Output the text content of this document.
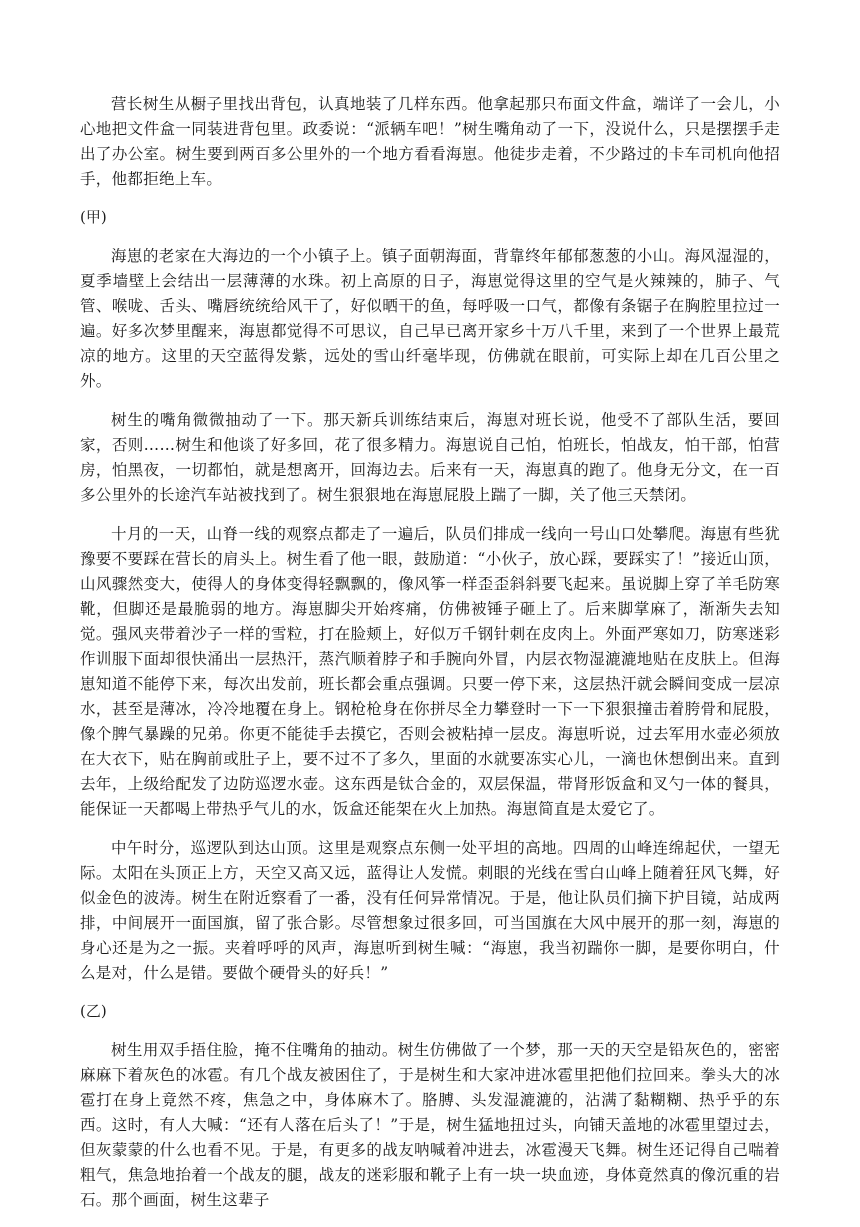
营长树生从橱子里找出背包，认真地装了几样东西。他拿起那只布面文件盒，端详了一会儿，小心地把文件盒一同装进背包里。政委说：“派辆车吧！”树生嘴角动了一下，没说什么，只是摆摆手走出了办公室。树生要到两百多公里外的一个地方看看海崽。他徒步走着，不少路过的卡车司机向他招手，他都拒绝上车。

(甲)

海崽的老家在大海边的一个小镇子上。镇子面朝海面，背靠终年郁郁葱葱的小山。海风湿湿的，夏季墙壁上会结出一层薄薄的水珠。初上高原的日子，海崽觉得这里的空气是火辣辣的，肺子、气管、喉咙、舌头、嘴唇统统给风干了，好似晒干的鱼，每呼吸一口气，都像有条锯子在胸腔里拉过一遍。好多次梦里醒来，海崽都觉得不可思议，自己早已离开家乡十万八千里，来到了一个世界上最荒凉的地方。这里的天空蓝得发紫，远处的雪山纤毫毕现，仿佛就在眼前，可实际上却在几百公里之外。

树生的嘴角微微抽动了一下。那天新兵训练结束后，海崽对班长说，他受不了部队生活，要回家，否则……树生和他谈了好多回，花了很多精力。海崽说自己怕，怕班长，怕战友，怕干部，怕营房，怕黑夜，一切都怕，就是想离开，回海边去。后来有一天，海崽真的跑了。他身无分文，在一百多公里外的长途汽车站被找到了。树生狠狠地在海崽屁股上踹了一脚，关了他三天禁闭。

十月的一天，山脊一线的观察点都走了一遍后，队员们排成一线向一号山口处攀爬。海崽有些犹豫要不要踩在营长的肩头上。树生看了他一眼，鼓励道：“小伙子，放心踩，要踩实了！”接近山顶，山风骤然变大，使得人的身体变得轻飘飘的，像风筝一样歪歪斜斜要飞起来。虽说脚上穿了羊毛防寒靴，但脚还是最脆弱的地方。海崽脚尖开始疼痛，仿佛被锤子砸上了。后来脚掌麻了，渐渐失去知觉。强风夹带着沙子一样的雪粒，打在脸颊上，好似万千钢针刺在皮肉上。外面严寒如刀，防寒迷彩作训服下面却很快涌出一层热汗，蒸汽顺着脖子和手腕向外冒，内层衣物湿漉漉地贴在皮肤上。但海崽知道不能停下来，每次出发前，班长都会重点强调。只要一停下来，这层热汗就会瞬间变成一层凉水，甚至是薄冰，冷冷地覆在身上。钢枪枪身在你拼尽全力攀登时一下一下狠狠撞击着胯骨和屁股，像个脾气暴躁的兄弟。你更不能徒手去摸它，否则会被粘掉一层皮。海崽听说，过去军用水壶必须放在大衣下，贴在胸前或肚子上，要不过不了多久，里面的水就要冻实心儿，一滴也休想倒出来。直到去年，上级给配发了边防巡逻水壶。这东西是钛合金的，双层保温，带肾形饭盒和叉勺一体的餐具，能保证一天都喝上带热乎气儿的水，饭盒还能架在火上加热。海崽简直是太爱它了。

中午时分，巡逻队到达山顶。这里是观察点东侧一处平坦的高地。四周的山峰连绵起伏，一望无际。太阳在头顶正上方，天空又高又远，蓝得让人发慌。刺眼的光线在雪白山峰上随着狂风飞舞，好似金色的波涛。树生在附近察看了一番，没有任何异常情况。于是，他让队员们摘下护目镜，站成两排，中间展开一面国旗，留了张合影。尽管想象过很多回，可当国旗在大风中展开的那一刻，海崽的身心还是为之一振。夹着呼呼的风声，海崽听到树生喊：“海崽，我当初踹你一脚，是要你明白，什么是对，什么是错。要做个硬骨头的好兵！”

(乙)

树生用双手捂住脸，掩不住嘴角的抽动。树生仿佛做了一个梦，那一天的天空是铅灰色的，密密麻麻下着灰色的冰雹。有几个战友被困住了，于是树生和大家冲进冰雹里把他们拉回来。拳头大的冰雹打在身上竟然不疼，焦急之中，身体麻木了。胳膊、头发湿漉漉的，沾满了黏糊糊、热乎乎的东西。这时，有人大喊：“还有人落在后头了！”于是，树生猛地扭过头，向铺天盖地的冰雹里望过去，但灰蒙蒙的什么也看不见。于是，有更多的战友呐喊着冲进去，冰雹漫天飞舞。树生还记得自己喘着粗气，焦急地抬着一个战友的腿，战友的迷彩服和靴子上有一块一块血迹，身体竟然真的像沉重的岩石。那个画面，树生这辈子
